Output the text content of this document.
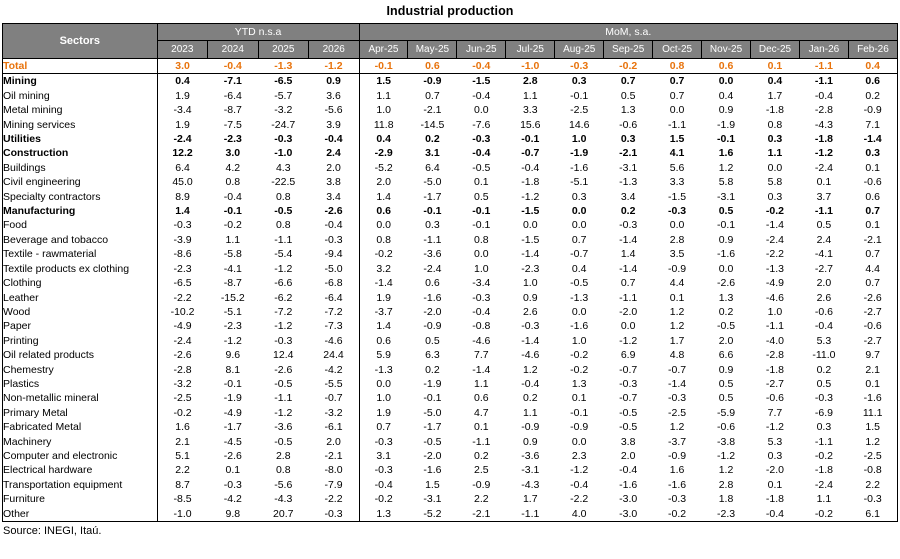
Industrial production
Sectors	YTD n.s.a				MoM, s.a.										
	2023	2024	2025	2026	Apr-25	May-25	Jun-25	Jul-25	Aug-25	Sep-25	Oct-25	Nov-25	Dec-25	Jan-26	Feb-26
Total	3.0	-0.4	-1.3	-1.2	-0.1	0.6	-0.4	-1.0	-0.3	-0.2	0.8	0.6	0.1	-1.1	0.4
Mining	0.4	-7.1	-6.5	0.9	1.5	-0.9	-1.5	2.8	0.3	0.7	0.7	0.0	0.4	-1.1	0.6
Oil mining	1.9	-6.4	-5.7	3.6	1.1	0.7	-0.4	1.1	-0.1	0.5	0.7	0.4	1.7	-0.4	0.2
Metal mining	-3.4	-8.7	-3.2	-5.6	1.0	-2.1	0.0	3.3	-2.5	1.3	0.0	0.9	-1.8	-2.8	-0.9
Mining services	1.9	-7.5	-24.7	3.9	11.8	-14.5	-7.6	15.6	14.6	-0.6	-1.1	-1.9	0.8	-4.3	7.1
Utilities	-2.4	-2.3	-0.3	-0.4	0.4	0.2	-0.3	-0.1	1.0	0.3	1.5	-0.1	0.3	-1.8	-1.4
Construction	12.2	3.0	-1.0	2.4	-2.9	3.1	-0.4	-0.7	-1.9	-2.1	4.1	1.6	1.1	-1.2	0.3
Buildings	6.4	4.2	4.3	2.0	-5.2	6.4	-0.5	-0.4	-1.6	-3.1	5.6	1.2	0.0	-2.4	0.1
Civil engineering	45.0	0.8	-22.5	3.8	2.0	-5.0	0.1	-1.8	-5.1	-1.3	3.3	5.8	5.8	0.1	-0.6
Specialty contractors	8.9	-0.4	0.8	3.4	1.4	-1.7	0.5	-1.2	0.3	3.4	-1.5	-3.1	0.3	3.7	0.6
Manufacturing	1.4	-0.1	-0.5	-2.6	0.6	-0.1	-0.1	-1.5	0.0	0.2	-0.3	0.5	-0.2	-1.1	0.7
Food	-0.3	-0.2	0.8	-0.4	0.0	0.3	-0.1	0.0	0.0	-0.3	0.0	-0.1	-1.4	0.5	0.1
Beverage and tobacco	-3.9	1.1	-1.1	-0.3	0.8	-1.1	0.8	-1.5	0.7	-1.4	2.8	0.9	-2.4	2.4	-2.1
Textile - rawmaterial	-8.6	-5.8	-5.4	-9.4	-0.2	-3.6	0.0	-1.4	-0.7	1.4	3.5	-1.6	-2.2	-4.1	0.7
Textile products ex clothing	-2.3	-4.1	-1.2	-5.0	3.2	-2.4	1.0	-2.3	0.4	-1.4	-0.9	0.0	-1.3	-2.7	4.4
Clothing	-6.5	-8.7	-6.6	-6.8	-1.4	0.6	-3.4	1.0	-0.5	0.7	4.4	-2.6	-4.9	2.0	0.7
Leather	-2.2	-15.2	-6.2	-6.4	1.9	-1.6	-0.3	0.9	-1.3	-1.1	0.1	1.3	-4.6	2.6	-2.6
Wood	-10.2	-5.1	-7.2	-7.2	-3.7	-2.0	-0.4	2.6	0.0	-2.0	1.2	0.2	1.0	-0.6	-2.7
Paper	-4.9	-2.3	-1.2	-7.3	1.4	-0.9	-0.8	-0.3	-1.6	0.0	1.2	-0.5	-1.1	-0.4	-0.6
Printing	-2.4	-1.2	-0.3	-4.6	0.6	0.5	-4.6	-1.4	1.0	-1.2	1.7	2.0	-4.0	5.3	-2.7
Oil related products	-2.6	9.6	12.4	24.4	5.9	6.3	7.7	-4.6	-0.2	6.9	4.8	6.6	-2.8	-11.0	9.7
Chemestry	-2.8	8.1	-2.6	-4.2	-1.3	0.2	-1.4	1.2	-0.2	-0.7	-0.7	0.9	-1.8	0.2	2.1
Plastics	-3.2	-0.1	-0.5	-5.5	0.0	-1.9	1.1	-0.4	1.3	-0.3	-1.4	0.5	-2.7	0.5	0.1
Non-metallic mineral	-2.5	-1.9	-1.1	-0.7	1.0	-0.1	0.6	0.2	0.1	-0.7	-0.3	0.5	-0.6	-0.3	-1.6
Primary Metal	-0.2	-4.9	-1.2	-3.2	1.9	-5.0	4.7	1.1	-0.1	-0.5	-2.5	-5.9	7.7	-6.9	11.1
Fabricated Metal	1.6	-1.7	-3.6	-6.1	0.7	-1.7	0.1	-0.9	-0.9	-0.5	1.2	-0.6	-1.2	0.3	1.5
Machinery	2.1	-4.5	-0.5	2.0	-0.3	-0.5	-1.1	0.9	0.0	3.8	-3.7	-3.8	5.3	-1.1	1.2
Computer and electronic	5.1	-2.6	2.8	-2.1	3.1	-2.0	0.2	-3.6	2.3	2.0	-0.9	-1.2	0.3	-0.2	-2.5
Electrical hardware	2.2	0.1	0.8	-8.0	-0.3	-1.6	2.5	-3.1	-1.2	-0.4	1.6	1.2	-2.0	-1.8	-0.8
Transportation equipment	8.7	-0.3	-5.6	-7.9	-0.4	1.5	-0.9	-4.3	-0.4	-1.6	-1.6	2.8	0.1	-2.4	2.2
Furniture	-8.5	-4.2	-4.3	-2.2	-0.2	-3.1	2.2	1.7	-2.2	-3.0	-0.3	1.8	-1.8	1.1	-0.3
Other	-1.0	9.8	20.7	-0.3	1.3	-5.2	-2.1	-1.1	4.0	-3.0	-0.2	-2.3	-0.4	-0.2	6.1
Source: INEGI, Itaú.
